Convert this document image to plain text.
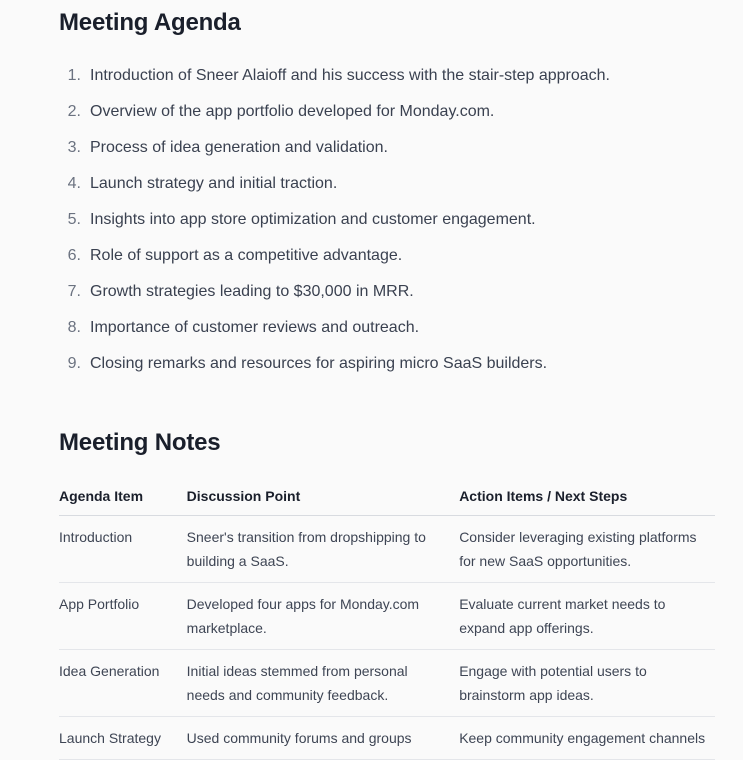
Meeting Agenda
1. Introduction of Sneer Alaioff and his success with the stair-step approach.
2. Overview of the app portfolio developed for Monday.com.
3. Process of idea generation and validation.
4. Launch strategy and initial traction.
5. Insights into app store optimization and customer engagement.
6. Role of support as a competitive advantage.
7. Growth strategies leading to $30,000 in MRR.
8. Importance of customer reviews and outreach.
9. Closing remarks and resources for aspiring micro SaaS builders.
Meeting Notes
Agenda Item	Discussion Point	Action Items / Next Steps
Introduction	Sneer's transition from dropshipping to building a SaaS.	Consider leveraging existing platforms for new SaaS opportunities.
App Portfolio	Developed four apps for Monday.com marketplace.	Evaluate current market needs to expand app offerings.
Idea Generation	Initial ideas stemmed from personal needs and community feedback.	Engage with potential users to brainstorm app ideas.
Launch Strategy	Used community forums and groups	Keep community engagement channels
